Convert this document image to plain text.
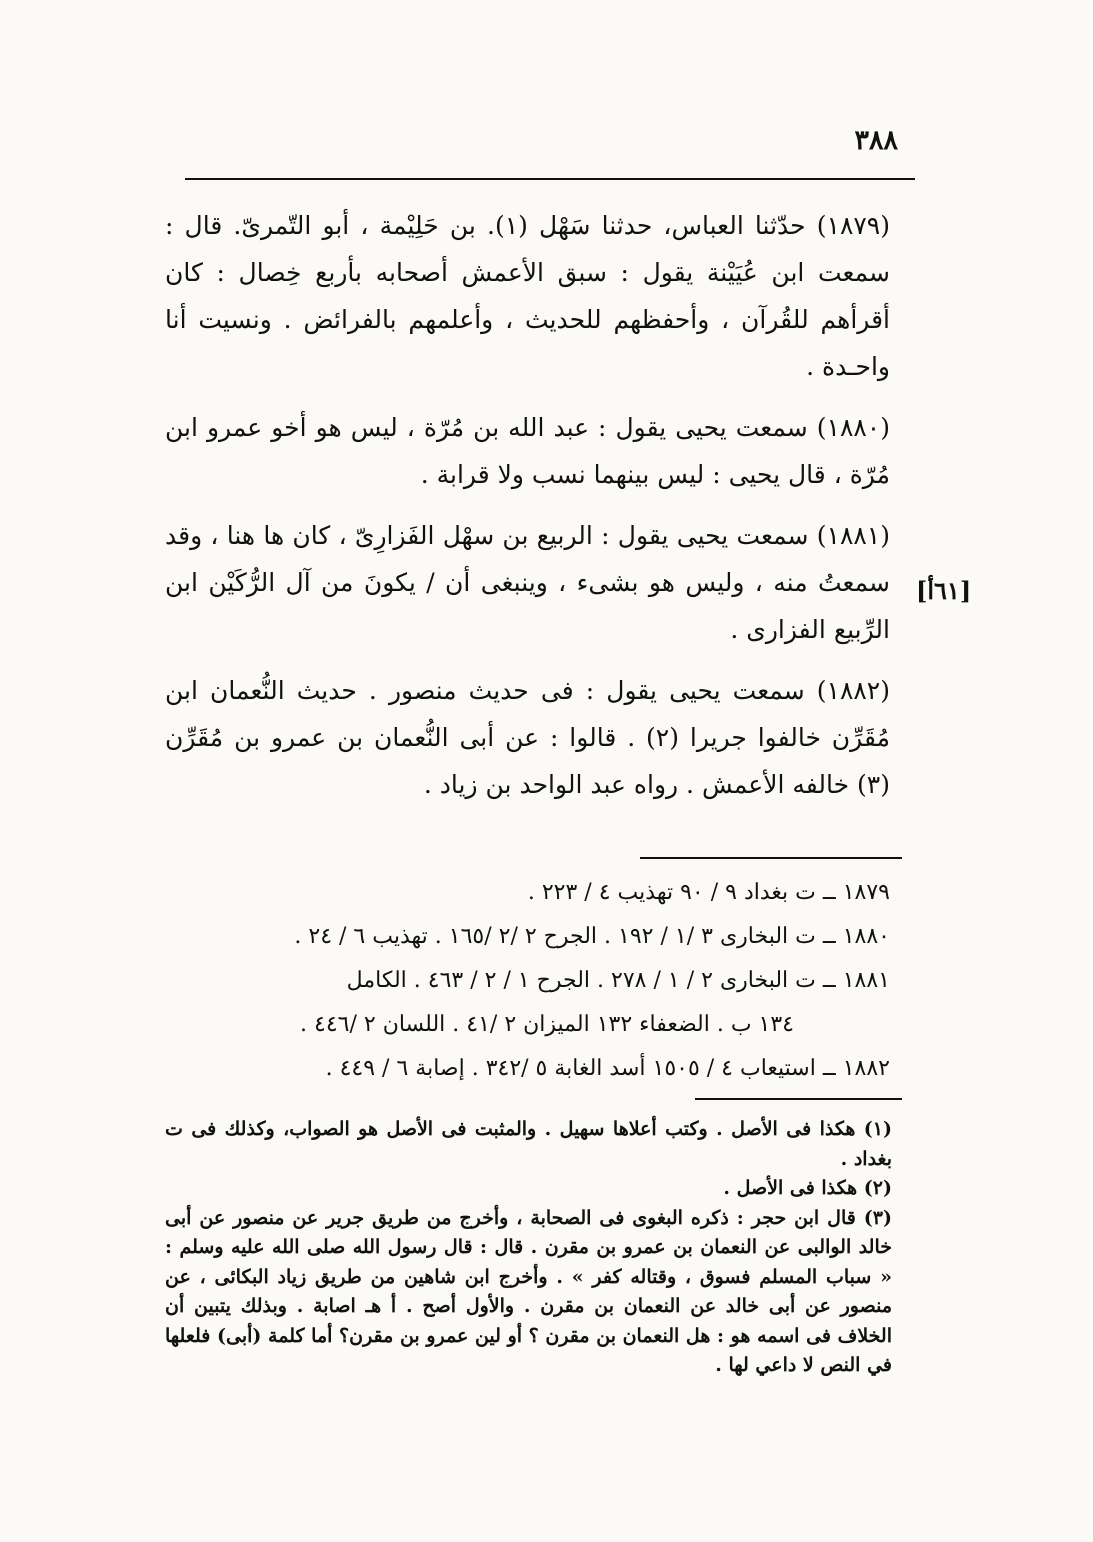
٣٨٨

(١٨٧٩) حدّثنا العباس، حدثنا سَهْل (١). بن حَلِيْمة ، أبو التّمرىّ. قال : سمعت ابن عُيَيْنة يقول : سبق الأعمش أصحابه بأربع خِصال : كان أقرأهم للقُرآن ، وأحفظهم للحديث ، وأعلمهم بالفرائض . ونسيت أنا واحـدة .

(١٨٨٠) سمعت يحيى يقول : عبد الله بن مُرّة ، ليس هو أخو عمرو ابن مُرّة ، قال يحيى : ليس بينهما نسب ولا قرابة .

(١٨٨١) سمعت يحيى يقول : الربيع بن سهْل الفَزارِىّ ، كان ها هنا ، وقد سمعتُ منه ، وليس هو بشىء ، وينبغى أن / يكونَ من آل الرُّكَيْن ابن الرِّبيع الفزارى .

(١٨٨٢) سمعت يحيى يقول : فى حديث منصور . حديث النُّعمان ابن مُقَرِّن خالفوا جريرا (٢) . قالوا : عن أبى النُّعمان بن عمرو بن مُقَرِّن (٣) خالفه الأعمش . رواه عبد الواحد بن زياد .

[٦١أ]

١٨٧٩ ــ ت بغداد ٩ / ٩٠ تهذيب ٤ / ٢٢٣ .

١٨٨٠ ــ ت البخارى ٣ /١ / ١٩٢ . الجرح ٢ /٢ /١٦٥ . تهذيب ٦ / ٢٤ .

١٨٨١ ــ ت البخارى ٢ / ١ / ٢٧٨ . الجرح ١ / ٢ / ٤٦٣ . الكامل

١٣٤ ب . الضعفاء ١٣٢ الميزان ٢ /٤١ . اللسان ٢ /٤٤٦ .

١٨٨٢ ــ استيعاب ٤ / ١٥٠٥ أسد الغابة ٥ /٣٤٢ . إصابة ٦ / ٤٤٩ .

(١) هكذا فى الأصل . وكتب أعلاها سهيل . والمثبت فى الأصل هو الصواب، وكذلك فى ت بغداد .

(٢) هكذا فى الأصل .

(٣) قال ابن حجر : ذكره البغوى فى الصحابة ، وأخرج من طريق جرير عن منصور عن أبى خالد الوالبى عن النعمان بن عمرو بن مقرن . قال : قال رسول الله صلى الله عليه وسلم : « سباب المسلم فسوق ، وقتاله كفر » . وأخرج ابن شاهين من طريق زياد البكائى ، عن منصور عن أبى خالد عن النعمان بن مقرن . والأول أصح . أ هـ اصابة . وبذلك يتبين أن الخلاف فى اسمه هو : هل النعمان بن مقرن ؟ أو لين عمرو بن مقرن؟ أما كلمة (أبى) فلعلها في النص لا داعي لها .
